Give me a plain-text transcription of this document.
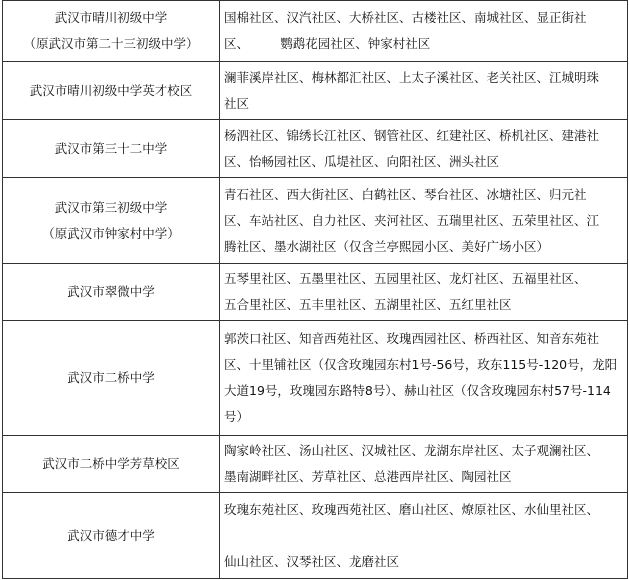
武汉市晴川初级中学
（原武汉市第二十三初级中学）	国棉社区、汉汽社区、大桥社区、古楼社区、南城社区、显正街社
区、　　　鹦鹉花园社区、钟家村社区

武汉市晴川初级中学英才校区	澜菲溪岸社区、梅林都汇社区、上太子溪社区、老关社区、江城明珠
社区

武汉市第三十二中学	杨泗社区、锦绣长江社区、钢管社区、红建社区、桥机社区、建港社
区、怡畅园社区、瓜堤社区、向阳社区、洲头社区

武汉市第三初级中学
（原武汉市钟家村中学）	青石社区、西大街社区、白鹤社区、琴台社区、冰塘社区、归元社
区、车站社区、自力社区、夹河社区、五瑞里社区、五荣里社区、江
腾社区、墨水湖社区（仅含兰亭熙园小区、美好广场小区）

武汉市翠微中学	五琴里社区、五墨里社区、五园里社区、龙灯社区、五福里社区、
五合里社区、五丰里社区、五湖里社区、五红里社区

武汉市二桥中学	郭茨口社区、知音西苑社区、玫瑰西园社区、桥西社区、知音东苑社
区、十里铺社区（仅含玫瑰园东村1号-56号，玫东115号-120号，龙阳
大道19号，玫瑰园东路特8号）、赫山社区（仅含玫瑰园东村57号-114
号）

武汉市二桥中学芳草校区	陶家岭社区、汤山社区、汉城社区、龙湖东岸社区、太子观澜社区、
墨南湖畔社区、芳草社区、总港西岸社区、陶园社区

武汉市德才中学	玫瑰东苑社区、玫瑰西苑社区、磨山社区、燎原社区、水仙里社区、

仙山社区、汉琴社区、龙磨社区
